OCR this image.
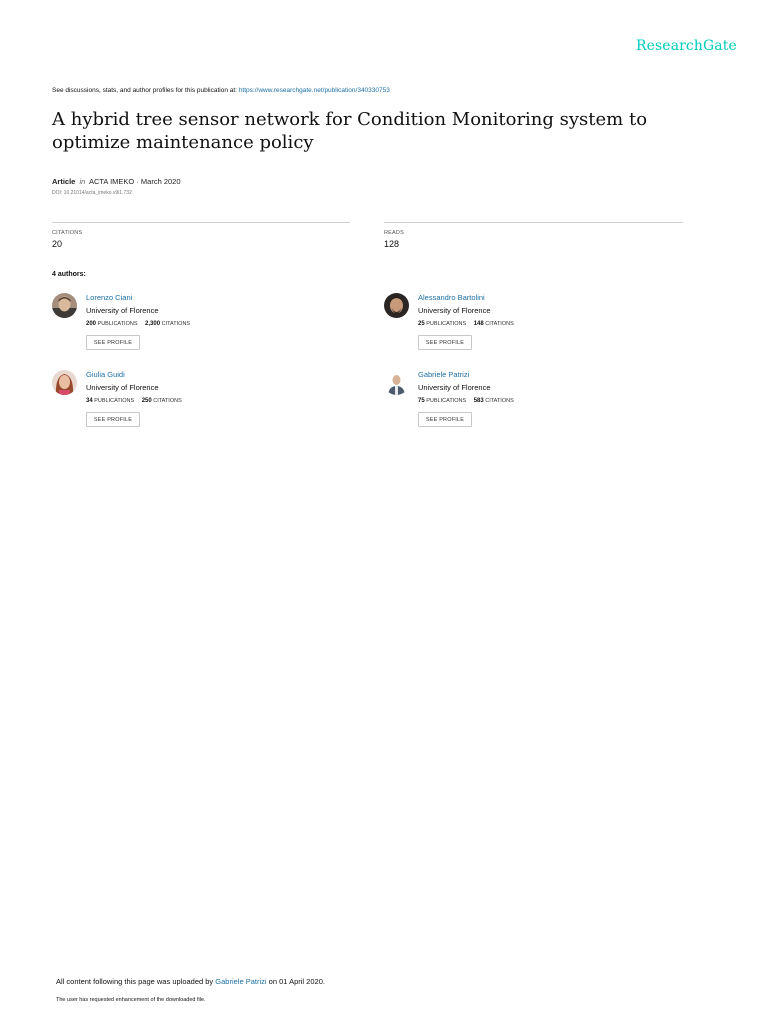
ResearchGate
See discussions, stats, and author profiles for this publication at: https://www.researchgate.net/publication/340330753
A hybrid tree sensor network for Condition Monitoring system to optimize maintenance policy
Article in ACTA IMEKO · March 2020
DOI: 10.21014/acta_imeko.v9i1.732
CITATIONS
20
READS
128
4 authors:
Lorenzo Ciani
University of Florence
200 PUBLICATIONS 2,300 CITATIONS
SEE PROFILE
Alessandro Bartolini
University of Florence
25 PUBLICATIONS 148 CITATIONS
SEE PROFILE
Giulia Guidi
University of Florence
34 PUBLICATIONS 250 CITATIONS
SEE PROFILE
Gabriele Patrizi
University of Florence
75 PUBLICATIONS 583 CITATIONS
SEE PROFILE
All content following this page was uploaded by Gabriele Patrizi on 01 April 2020.
The user has requested enhancement of the downloaded file.
